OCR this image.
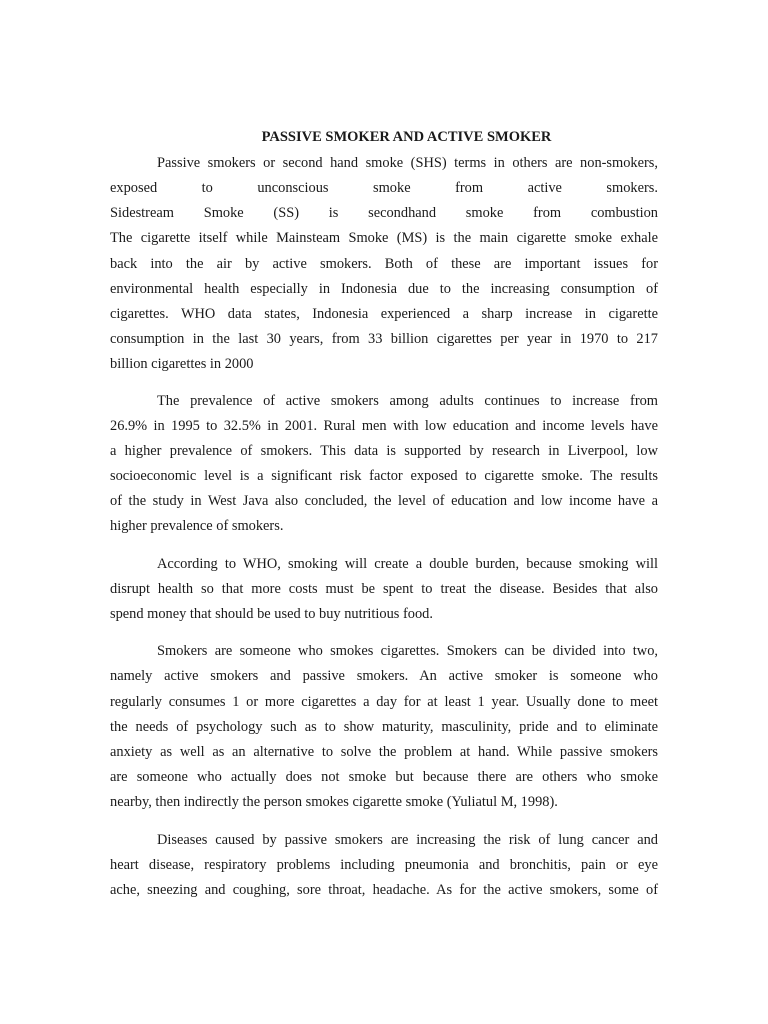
PASSIVE SMOKER AND ACTIVE SMOKER

Passive smokers or second hand smoke (SHS) terms in others are non-smokers,

exposed to unconscious smoke from active smokers.

Sidestream Smoke (SS) is secondhand smoke from combustion

The cigarette itself while Mainsteam Smoke (MS) is the main cigarette smoke exhale

back into the air by active smokers. Both of these are important issues for

environmental health especially in Indonesia due to the increasing consumption of

cigarettes. WHO data states, Indonesia experienced a sharp increase in cigarette

consumption in the last 30 years, from 33 billion cigarettes per year in 1970 to 217

billion cigarettes in 2000

The prevalence of active smokers among adults continues to increase from

26.9% in 1995 to 32.5% in 2001. Rural men with low education and income levels have

a higher prevalence of smokers. This data is supported by research in Liverpool, low

socioeconomic level is a significant risk factor exposed to cigarette smoke. The results

of the study in West Java also concluded, the level of education and low income have a

higher prevalence of smokers.

According to WHO, smoking will create a double burden, because smoking will

disrupt health so that more costs must be spent to treat the disease. Besides that also

spend money that should be used to buy nutritious food.

Smokers are someone who smokes cigarettes. Smokers can be divided into two,

namely active smokers and passive smokers. An active smoker is someone who

regularly consumes 1 or more cigarettes a day for at least 1 year. Usually done to meet

the needs of psychology such as to show maturity, masculinity, pride and to eliminate

anxiety as well as an alternative to solve the problem at hand. While passive smokers

are someone who actually does not smoke but because there are others who smoke

nearby, then indirectly the person smokes cigarette smoke (Yuliatul M, 1998).

Diseases caused by passive smokers are increasing the risk of lung cancer and

heart disease, respiratory problems including pneumonia and bronchitis, pain or eye

ache, sneezing and coughing, sore throat, headache. As for the active smokers, some of
